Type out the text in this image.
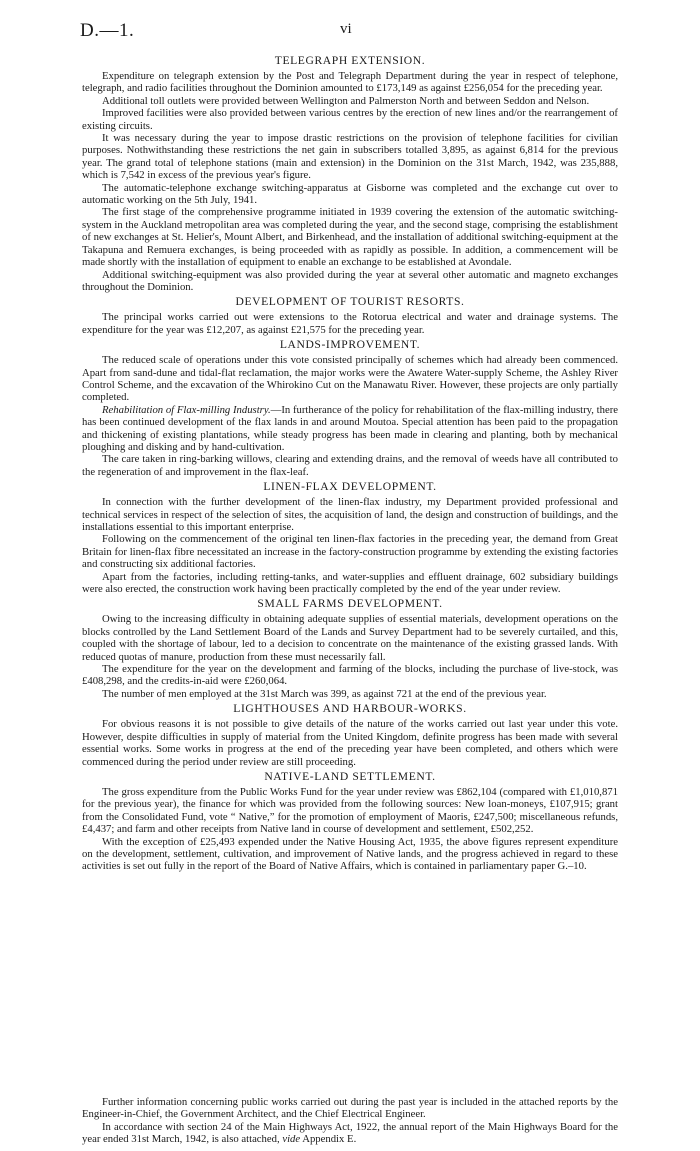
D.—1.	vi
TELEGRAPH EXTENSION.

Expenditure on telegraph extension by the Post and Telegraph Department during the year in respect of telephone, telegraph, and radio facilities throughout the Dominion amounted to £173,149 as against £256,054 for the preceding year.

Additional toll outlets were provided between Wellington and Palmerston North and between Seddon and Nelson.

Improved facilities were also provided between various centres by the erection of new lines and/or the rearrangement of existing circuits.

It was necessary during the year to impose drastic restrictions on the provision of telephone facilities for civilian purposes. Nothwithstanding these restrictions the net gain in subscribers totalled 3,895, as against 6,814 for the previous year. The grand total of telephone stations (main and extension) in the Dominion on the 31st March, 1942, was 235,888, which is 7,542 in excess of the previous year's figure.

The automatic-telephone exchange switching-apparatus at Gisborne was completed and the exchange cut over to automatic working on the 5th July, 1941.

The first stage of the comprehensive programme initiated in 1939 covering the extension of the automatic switching-system in the Auckland metropolitan area was completed during the year, and the second stage, comprising the establishment of new exchanges at St. Helier's, Mount Albert, and Birkenhead, and the installation of additional switching-equipment at the Takapuna and Remuera exchanges, is being proceeded with as rapidly as possible. In addition, a commencement will be made shortly with the installation of equipment to enable an exchange to be established at Avondale.

Additional switching-equipment was also provided during the year at several other automatic and magneto exchanges throughout the Dominion.

DEVELOPMENT OF TOURIST RESORTS.

The principal works carried out were extensions to the Rotorua electrical and water and drainage systems. The expenditure for the year was £12,207, as against £21,575 for the preceding year.

LANDS-IMPROVEMENT.

The reduced scale of operations under this vote consisted principally of schemes which had already been commenced. Apart from sand-dune and tidal-flat reclamation, the major works were the Awatere Water-supply Scheme, the Ashley River Control Scheme, and the excavation of the Whirokino Cut on the Manawatu River. However, these projects are only partially completed.

Rehabilitation of Flax-milling Industry.—In furtherance of the policy for rehabilitation of the flax-milling industry, there has been continued development of the flax lands in and around Moutoa. Special attention has been paid to the propagation and thickening of existing plantations, while steady progress has been made in clearing and planting, both by mechanical ploughing and disking and by hand-cultivation.

The care taken in ring-barking willows, clearing and extending drains, and the removal of weeds have all contributed to the regeneration of and improvement in the flax-leaf.

LINEN-FLAX DEVELOPMENT.

In connection with the further development of the linen-flax industry, my Department provided professional and technical services in respect of the selection of sites, the acquisition of land, the design and construction of buildings, and the installations essential to this important enterprise.

Following on the commencement of the original ten linen-flax factories in the preceding year, the demand from Great Britain for linen-flax fibre necessitated an increase in the factory-construction programme by extending the existing factories and constructing six additional factories.

Apart from the factories, including retting-tanks, and water-supplies and effluent drainage, 602 subsidiary buildings were also erected, the construction work having been practically completed by the end of the year under review.

SMALL FARMS DEVELOPMENT.

Owing to the increasing difficulty in obtaining adequate supplies of essential materials, development operations on the blocks controlled by the Land Settlement Board of the Lands and Survey Department had to be severely curtailed, and this, coupled with the shortage of labour, led to a decision to concentrate on the maintenance of the existing grassed lands. With reduced quotas of manure, production from these must necessarily fall.

The expenditure for the year on the development and farming of the blocks, including the purchase of live-stock, was £408,298, and the credits-in-aid were £260,064.

The number of men employed at the 31st March was 399, as against 721 at the end of the previous year.

LIGHTHOUSES AND HARBOUR-WORKS.

For obvious reasons it is not possible to give details of the nature of the works carried out last year under this vote. However, despite difficulties in supply of material from the United Kingdom, definite progress has been made with several essential works. Some works in progress at the end of the preceding year have been completed, and others which were commenced during the period under review are still proceeding.

NATIVE-LAND SETTLEMENT.

The gross expenditure from the Public Works Fund for the year under review was £862,104 (compared with £1,010,871 for the previous year), the finance for which was provided from the following sources: New loan-moneys, £107,915; grant from the Consolidated Fund, vote “ Native,” for the promotion of employment of Maoris, £247,500; miscellaneous refunds, £4,437; and farm and other receipts from Native land in course of development and settlement, £502,252.

With the exception of £25,493 expended under the Native Housing Act, 1935, the above figures represent expenditure on the development, settlement, cultivation, and improvement of Native lands, and the progress achieved in regard to these activities is set out fully in the report of the Board of Native Affairs, which is contained in parliamentary paper G.–10.

Further information concerning public works carried out during the past year is included in the attached reports by the Engineer-in-Chief, the Government Architect, and the Chief Electrical Engineer.

In accordance with section 24 of the Main Highways Act, 1922, the annual report of the Main Highways Board for the year ended 31st March, 1942, is also attached, vide Appendix E.
